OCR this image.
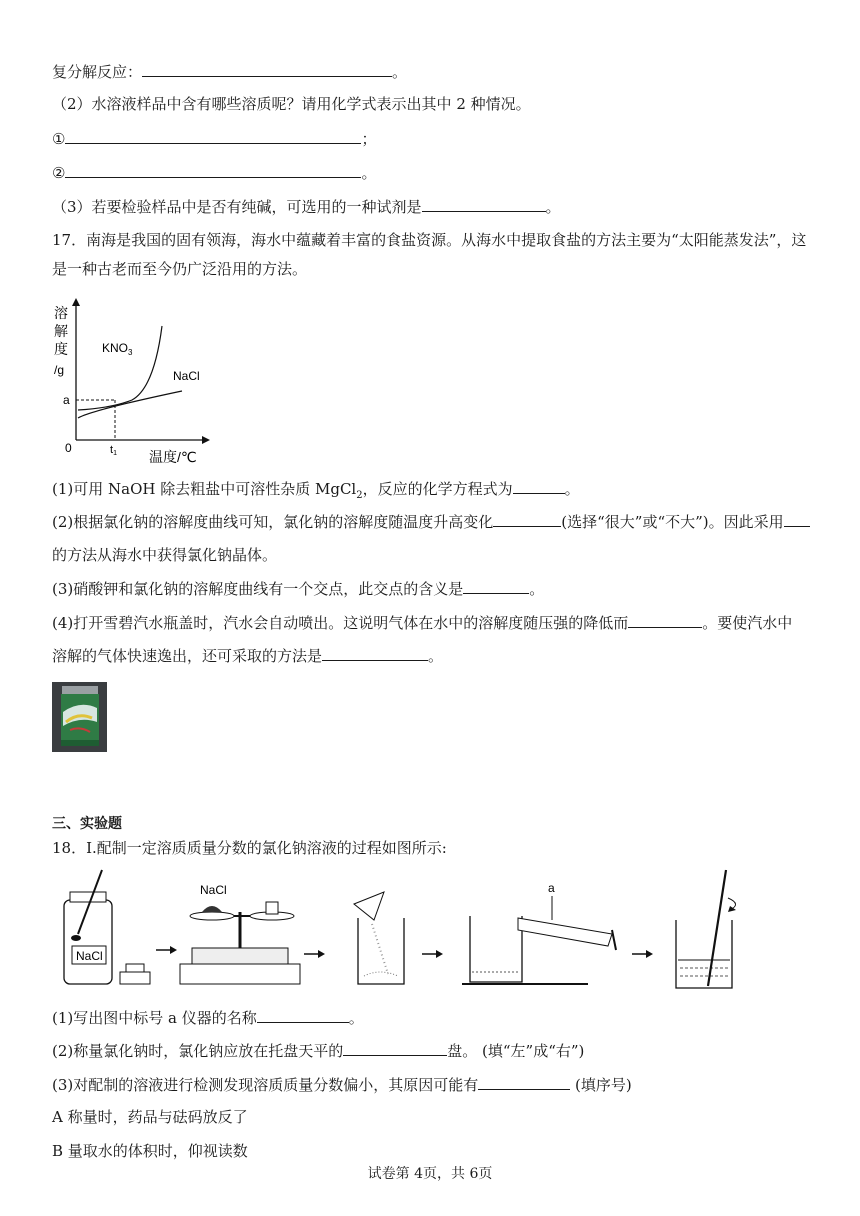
复分解反应：	。
（2）水溶液样品中含有哪些溶质呢？请用化学式表示出其中 2 种情况。
①	；
②	。
（3）若要检验样品中是否有纯碱，可选用的一种试剂是	。
17．南海是我国的固有领海，海水中蕴藏着丰富的食盐资源。从海水中提取食盐的方法主要为“太阳能蒸发法”，这是一种古老而至今仍广泛沿用的方法。
溶
解
度
/g
$KNO_3$
NaCl
a
0	t1 温度/℃
(1)可用 NaOH 除去粗盐中可溶性杂质 MgCl$_2$，反应的化学方程式为	。
(2)根据氯化钠的溶解度曲线可知，氯化钠的溶解度随温度升高变化	(选择“很大”或“不大”)。因此采用
的方法从海水中获得氯化钠晶体。
(3)硝酸钾和氯化钠的溶解度曲线有一个交点，此交点的含义是	。
(4)打开雪碧汽水瓶盖时，汽水会自动喷出。这说明气体在水中的溶解度随压强的降低而	。要使汽水中
溶解的气体快速逸出，还可采取的方法是	。
三、实验题
18．Ⅰ.配制一定溶质质量分数的氯化钠溶液的过程如图所示:
NaCl
NaCl	a
(1)写出图中标号 a 仪器的名称	。
(2)称量氯化钠时，氯化钠应放在托盘天平的	盘。 (填“左”成“右”)
(3)对配制的溶液进行检测发现溶质质量分数偏小，其原因可能有	(填序号)
A 称量时，药品与砝码放反了
B 量取水的体积时，仰视读数
试卷第 4页，共 6页
